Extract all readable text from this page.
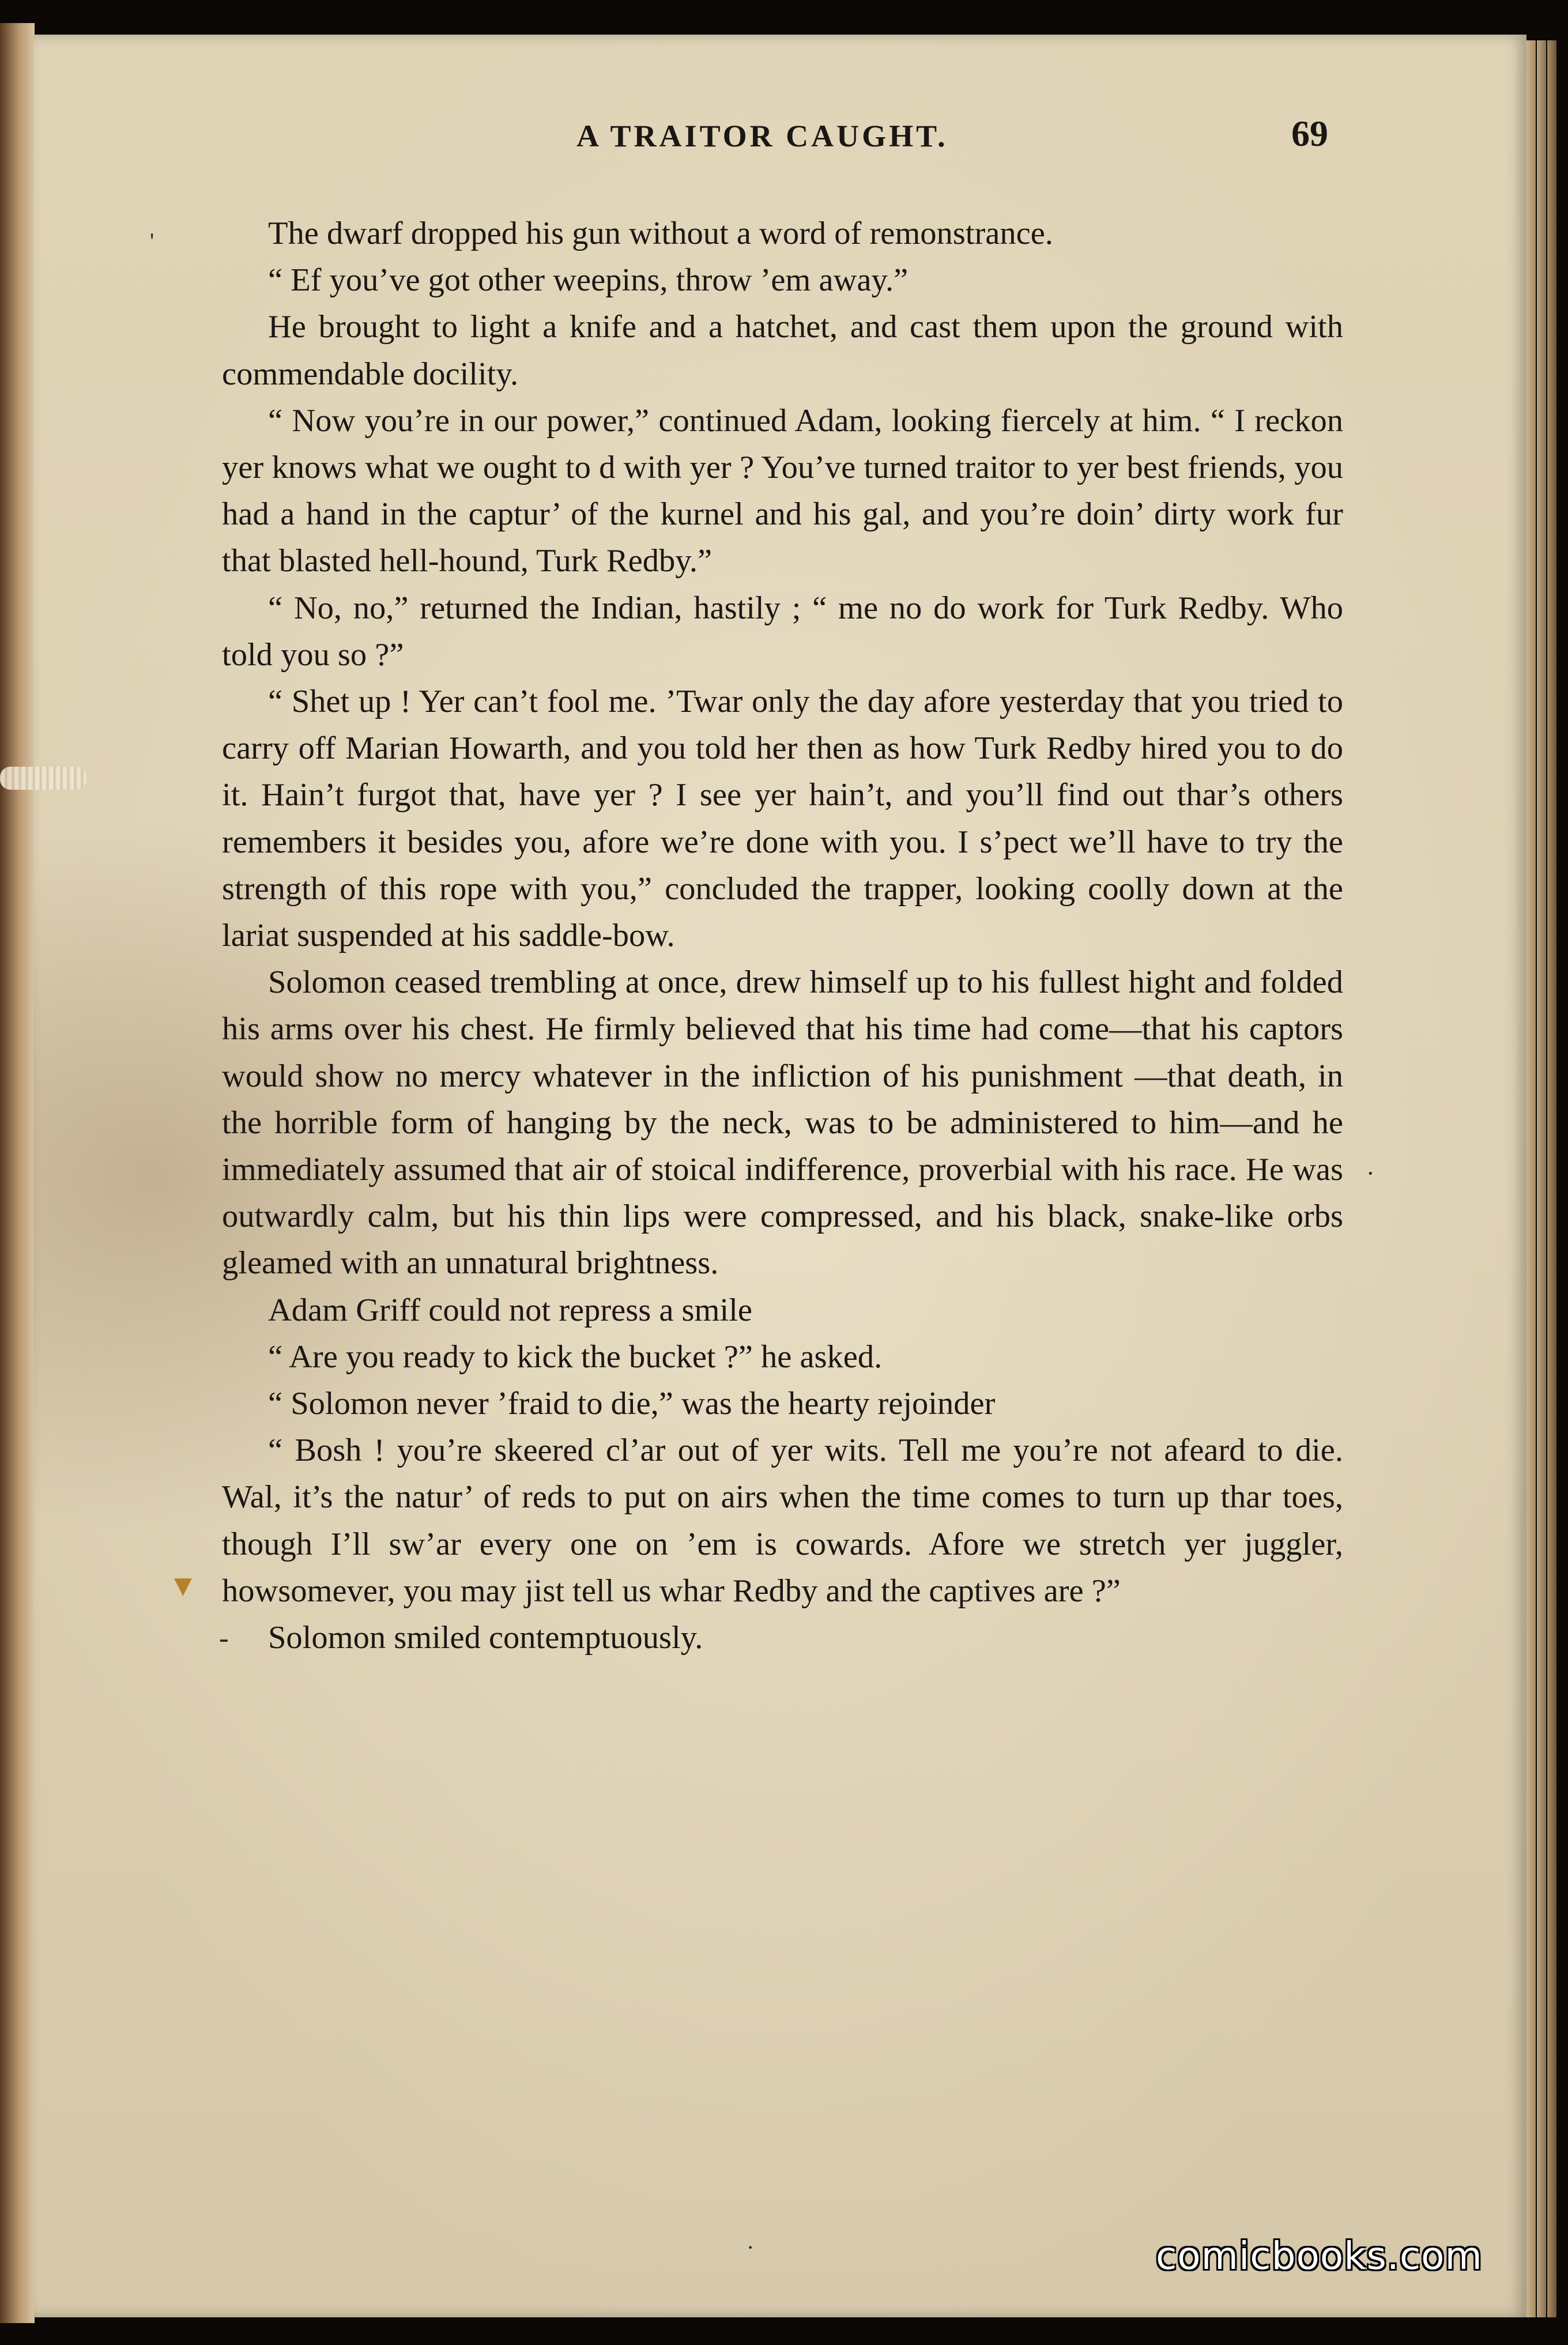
A TRAITOR CAUGHT.	69
'	The dwarf dropped his gun without a word of remonstrance.

“ Ef you’ve got other weepins, throw ’em away.”

He brought to light a knife and a hatchet, and cast them upon the ground with commendable docility.

“ Now you’re in our power,” continued Adam, looking fiercely at him. “ I reckon yer knows what we ought to d with yer ? You’ve turned traitor to yer best friends, you had a hand in the captur’ of the kurnel and his gal, and you’re doin’ dirty work fur that blasted hell-hound, Turk Redby.”

“ No, no,” returned the Indian, hastily ; “ me no do work for Turk Redby. Who told you so ?”

“ Shet up ! Yer can’t fool me. ’Twar only the day afore yesterday that you tried to carry off Marian Howarth, and you told her then as how Turk Redby hired you to do it. Hain’t furgot that, have yer ? I see yer hain’t, and you’ll find out thar’s others remembers it besides you, afore we’re done with you. I s’pect we’ll have to try the strength of this rope with you,” concluded the trapper, looking coolly down at the lariat suspended at his saddle-bow.

Solomon ceased trembling at once, drew himself up to his fullest hight and folded his arms over his chest. He firmly believed that his time had come—that his captors would show no mercy whatever in the infliction of his punishment —that death, in the horrible form of hanging by the neck, was to be administered to him—and he immediately assumed that air of stoical indifference, proverbial with his race. He was outwardly calm, but his thin lips were compressed, and his black, snake-like orbs gleamed with an unnatural brightness.

Adam Griff could not repress a smile

“ Are you ready to kick the bucket ?” he asked.

“ Solomon never ’fraid to die,” was the hearty rejoinder

“ Bosh ! you’re skeered cl’ar out of yer wits. Tell me you’re not afeard to die. Wal, it’s the natur’ of reds to put on airs when the time comes to turn up thar toes, though I’ll sw’ar every one on ’em is cowards. Afore we stretch yer juggler, howsomever, you may jist tell us whar Redby and the captives are ?”

Solomon smiled contemptuously.

·
▼
-
·	comicbooks.com
